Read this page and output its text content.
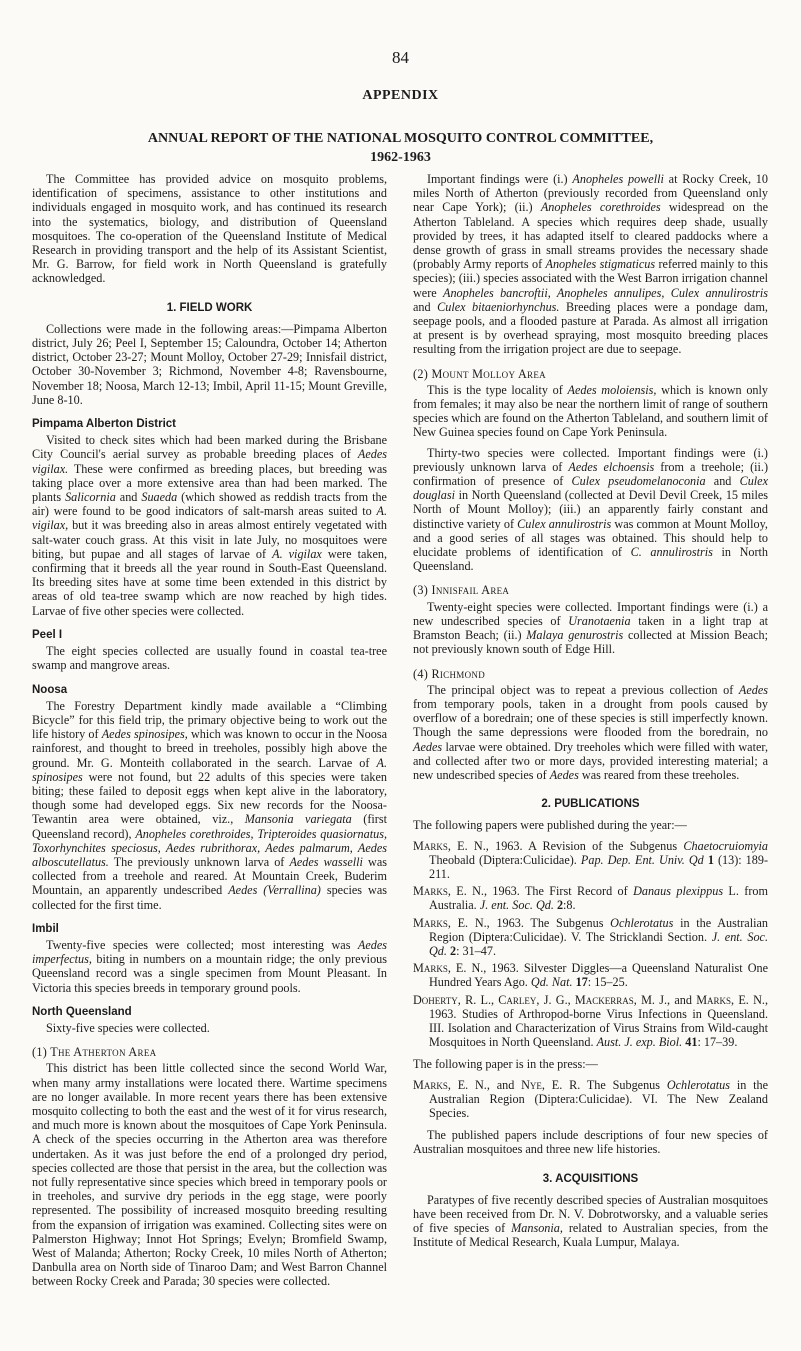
84
APPENDIX
ANNUAL REPORT OF THE NATIONAL MOSQUITO CONTROL COMMITTEE,
1962-1963

The Committee has provided advice on mosquito problems, identification of specimens, assistance to other institutions and individuals engaged in mosquito work, and has continued its research into the systematics, biology, and distribution of Queensland mosquitoes. The co-operation of the Queensland Institute of Medical Research in providing transport and the help of its Assistant Scientist, Mr. G. Barrow, for field work in North Queensland is gratefully acknowledged.

1. FIELD WORK

Collections were made in the following areas:—Pimpama Alberton district, July 26; Peel I, September 15; Caloundra, October 14; Atherton district, October 23-27; Mount Molloy, October 27-29; Innisfail district, October 30-November 3; Richmond, November 4-8; Ravensbourne, November 18; Noosa, March 12-13; Imbil, April 11-15; Mount Greville, June 8-10.

Pimpama Alberton District

Visited to check sites which had been marked during the Brisbane City Council's aerial survey as probable breeding places of Aedes vigilax. These were confirmed as breeding places, but breeding was taking place over a more extensive area than had been marked. The plants Salicornia and Suaeda (which showed as reddish tracts from the air) were found to be good indicators of salt-marsh areas suited to A. vigilax, but it was breeding also in areas almost entirely vegetated with salt-water couch grass. At this visit in late July, no mosquitoes were biting, but pupae and all stages of larvae of A. vigilax were taken, confirming that it breeds all the year round in South-East Queensland. Its breeding sites have at some time been extended in this district by areas of old tea-tree swamp which are now reached by high tides. Larvae of five other species were collected.

Peel I

The eight species collected are usually found in coastal tea-tree swamp and mangrove areas.

Noosa

The Forestry Department kindly made available a “Climbing Bicycle” for this field trip, the primary objective being to work out the life history of Aedes spinosipes, which was known to occur in the Noosa rainforest, and thought to breed in treeholes, possibly high above the ground. Mr. G. Monteith collaborated in the search. Larvae of A. spinosipes were not found, but 22 adults of this species were taken biting; these failed to deposit eggs when kept alive in the laboratory, though some had developed eggs. Six new records for the Noosa-Tewantin area were obtained, viz., Mansonia variegata (first Queensland record), Anopheles corethroides, Tripteroides quasiornatus, Toxorhynchites speciosus, Aedes rubrithorax, Aedes palmarum, Aedes alboscutellatus. The previously unknown larva of Aedes wasselli was collected from a treehole and reared. At Mountain Creek, Buderim Mountain, an apparently undescribed Aedes (Verrallina) species was collected for the first time.

Imbil

Twenty-five species were collected; most interesting was Aedes imperfectus, biting in numbers on a mountain ridge; the only previous Queensland record was a single specimen from Mount Pleasant. In Victoria this species breeds in temporary ground pools.

North Queensland

Sixty-five species were collected.

(1) The Atherton Area

This district has been little collected since the second World War, when many army installations were located there. Wartime specimens are no longer available. In more recent years there has been extensive mosquito collecting to both the east and the west of it for virus research, and much more is known about the mosquitoes of Cape York Peninsula. A check of the species occurring in the Atherton area was therefore undertaken. As it was just before the end of a prolonged dry period, species collected are those that persist in the area, but the collection was not fully representative since species which breed in temporary pools or in treeholes, and survive dry periods in the egg stage, were poorly represented. The possibility of increased mosquito breeding resulting from the expansion of irrigation was examined. Collecting sites were on Palmerston Highway; Innot Hot Springs; Evelyn; Bromfield Swamp, West of Malanda; Atherton; Rocky Creek, 10 miles North of Atherton; Danbulla area on North side of Tinaroo Dam; and West Barron Channel between Rocky Creek and Parada; 30 species were collected.

Important findings were (i.) Anopheles powelli at Rocky Creek, 10 miles North of Atherton (previously recorded from Queensland only near Cape York); (ii.) Anopheles corethroides widespread on the Atherton Tableland. A species which requires deep shade, usually provided by trees, it has adapted itself to cleared paddocks where a dense growth of grass in small streams provides the necessary shade (probably Army reports of Anopheles stigmaticus referred mainly to this species); (iii.) species associated with the West Barron irrigation channel were Anopheles bancroftii, Anopheles annulipes, Culex annulirostris and Culex bitaeniorhynchus. Breeding places were a pondage dam, seepage pools, and a flooded pasture at Parada. As almost all irrigation at present is by overhead spraying, most mosquito breeding places resulting from the irrigation project are due to seepage.

(2) Mount Molloy Area

This is the type locality of Aedes moloiensis, which is known only from females; it may also be near the northern limit of range of southern species which are found on the Atherton Tableland, and southern limit of New Guinea species found on Cape York Peninsula.

Thirty-two species were collected. Important findings were (i.) previously unknown larva of Aedes elchoensis from a treehole; (ii.) confirmation of presence of Culex pseudomelanoconia and Culex douglasi in North Queensland (collected at Devil Devil Creek, 15 miles North of Mount Molloy); (iii.) an apparently fairly constant and distinctive variety of Culex annulirostris was common at Mount Molloy, and a good series of all stages was obtained. This should help to elucidate problems of identification of C. annulirostris in North Queensland.

(3) Innisfail Area

Twenty-eight species were collected. Important findings were (i.) a new undescribed species of Uranotaenia taken in a light trap at Bramston Beach; (ii.) Malaya genurostris collected at Mission Beach; not previously known south of Edge Hill.

(4) Richmond

The principal object was to repeat a previous collection of Aedes from temporary pools, taken in a drought from pools caused by overflow of a boredrain; one of these species is still imperfectly known. Though the same depressions were flooded from the boredrain, no Aedes larvae were obtained. Dry treeholes which were filled with water, and collected after two or more days, provided interesting material; a new undescribed species of Aedes was reared from these treeholes.

2. PUBLICATIONS

The following papers were published during the year:—

Marks, E. N., 1963. A Revision of the Subgenus Chaetocruiomyia Theobald (Diptera:Culicidae). Pap. Dep. Ent. Univ. Qd 1 (13): 189-211.
Marks, E. N., 1963. The First Record of Danaus plexippus L. from Australia. J. ent. Soc. Qd. 2:8.
Marks, E. N., 1963. The Subgenus Ochlerotatus in the Australian Region (Diptera:Culicidae). V. The Stricklandi Section. J. ent. Soc. Qd. 2: 31–47.
Marks, E. N., 1963. Silvester Diggles—a Queensland Naturalist One Hundred Years Ago. Qd. Nat. 17: 15–25.
Doherty, R. L., Carley, J. G., Mackerras, M. J., and Marks, E. N., 1963. Studies of Arthropod-borne Virus Infections in Queensland. III. Isolation and Characterization of Virus Strains from Wild-caught Mosquitoes in North Queensland. Aust. J. exp. Biol. 41: 17–39.

The following paper is in the press:—

Marks, E. N., and Nye, E. R. The Subgenus Ochlerotatus in the Australian Region (Diptera:Culicidae). VI. The New Zealand Species.

The published papers include descriptions of four new species of Australian mosquitoes and three new life histories.

3. ACQUISITIONS

Paratypes of five recently described species of Australian mosquitoes have been received from Dr. N. V. Dobrotworsky, and a valuable series of five species of Mansonia, related to Australian species, from the Institute of Medical Research, Kuala Lumpur, Malaya.
